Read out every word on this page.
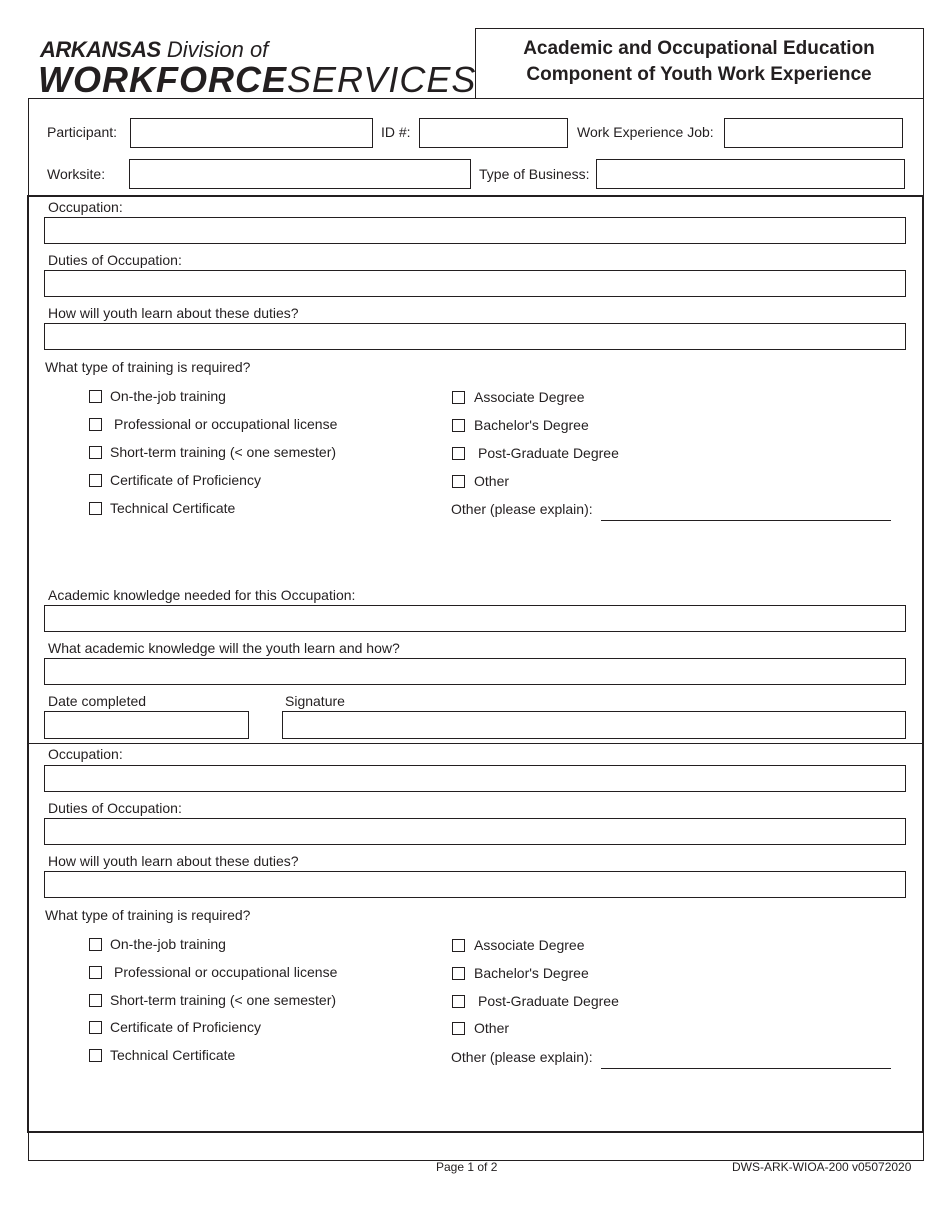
ARKANSAS Division of
WORKFORCESERVICES
Academic and Occupational Education
Component of Youth Work Experience
Participant:	ID #:	Work Experience Job:
Worksite:	Type of Business:
Occupation:
Duties of Occupation:
How will youth learn about these duties?
What type of training is required?
On-the-job training
Professional or occupational license
Short-term training (< one semester)
Certificate of Proficiency
Technical Certificate
Associate Degree
Bachelor's Degree
Post-Graduate Degree
Other
Other (please explain):
Academic knowledge needed for this Occupation:
What academic knowledge will the youth learn and how?
Date completed	Signature
Occupation:
Duties of Occupation:
How will youth learn about these duties?
What type of training is required?
On-the-job training
Professional or occupational license
Short-term training (< one semester)
Certificate of Proficiency
Technical Certificate
Associate Degree
Bachelor's Degree
Post-Graduate Degree
Other
Other (please explain):
Page 1 of 2	DWS-ARK-WIOA-200 v05072020
